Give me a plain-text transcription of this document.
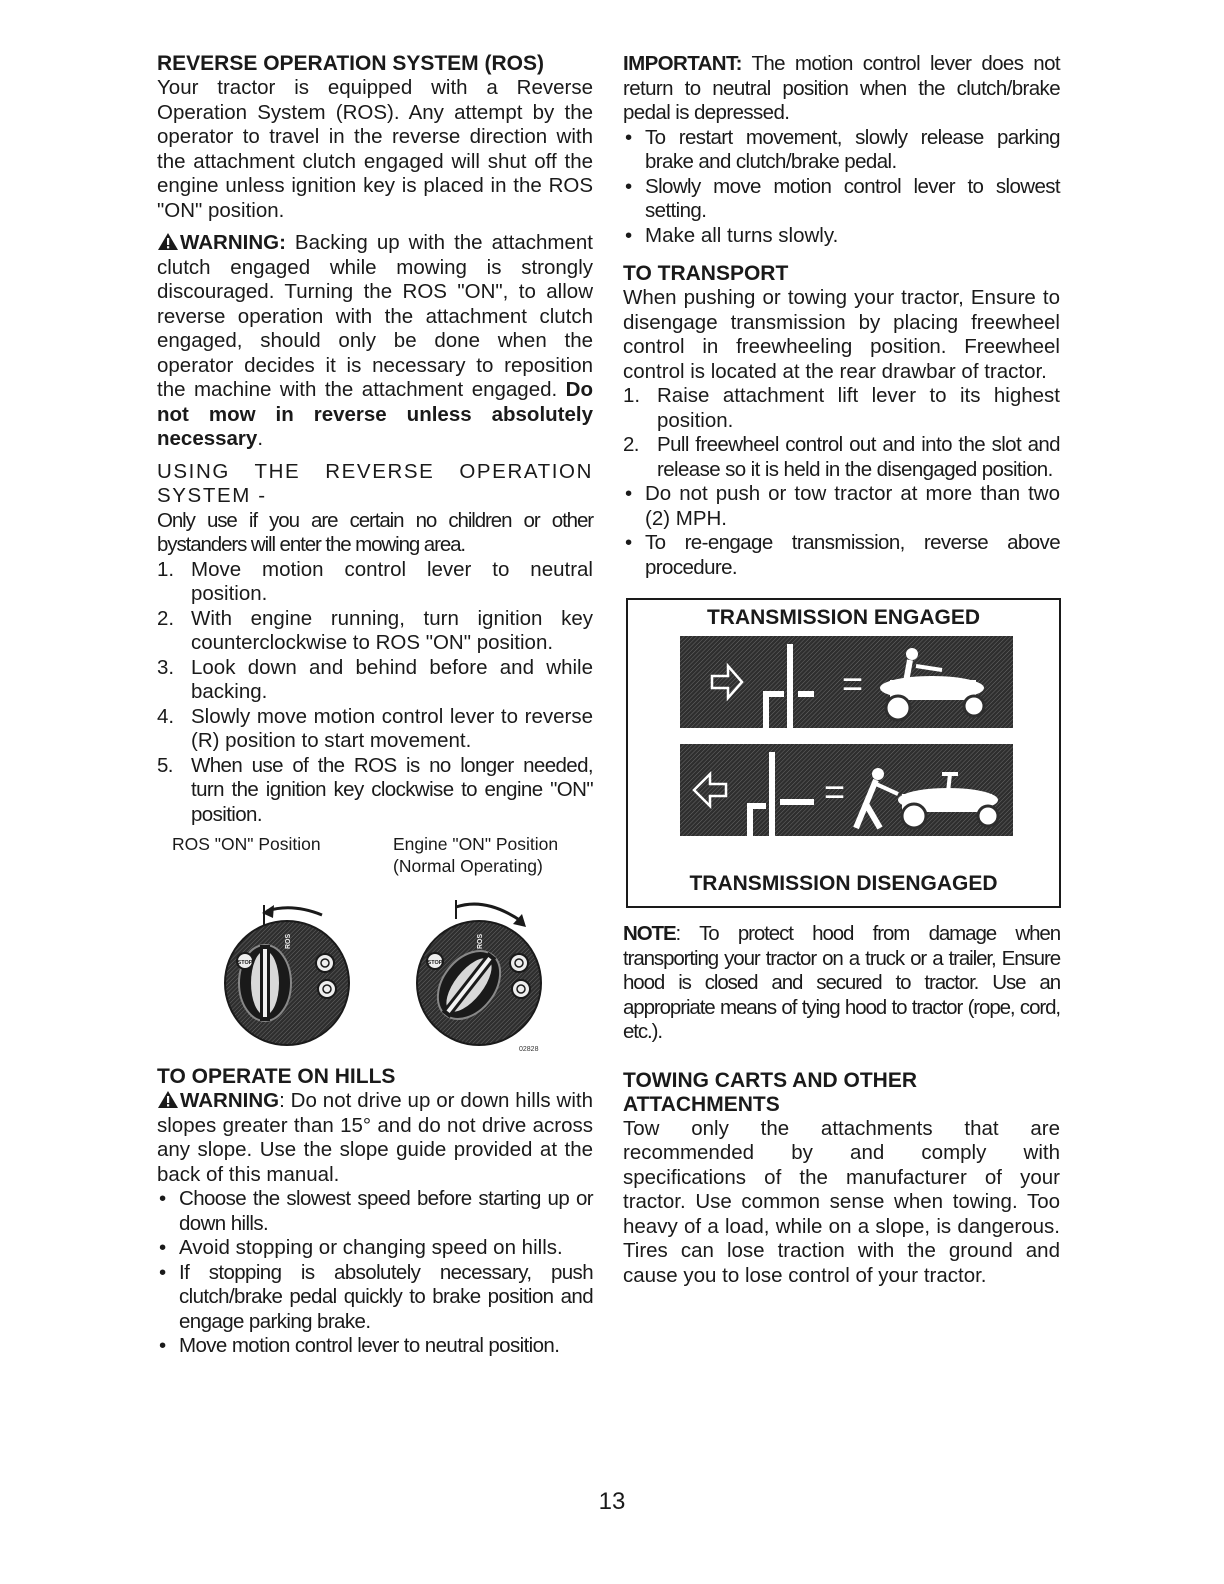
REVERSE OPERATION SYSTEM (ROS)

Your tractor is equipped with a Reverse Operation System (ROS). Any attempt by the operator to travel in the reverse direction with the attachment clutch engaged will shut off the engine unless ignition key is placed in the ROS "ON" position.

WARNING: Backing up with the attachment clutch engaged while mowing is strongly discouraged. Turning the ROS "ON", to allow reverse operation with the attachment clutch engaged, should only be done when the operator decides it is necessary to reposition the machine with the attachment engaged. Do not mow in reverse unless absolutely necessary.

USING THE REVERSE OPERATION SYSTEM -

Only use if you are certain no children or other bystanders will enter the mowing area.

1. Move motion control lever to neutral position.
2. With engine running, turn ignition key counterclockwise to ROS "ON" position.
3. Look down and behind before and while backing.
4. Slowly move motion control lever to reverse (R) position to start movement.
5. When use of the ROS is no longer needed, turn the ignition key clockwise to engine "ON" position.
ROS "ON" Position	Engine "ON" Position
(Normal Operating)
STOP
ROS
STOP
ROS
02828
TO OPERATE ON HILLS

WARNING: Do not drive up or down hills with slopes greater than 15° and do not drive across any slope. Use the slope guide provided at the back of this manual.

• Choose the slowest speed before starting up or down hills.
• Avoid stopping or changing speed on hills.
• If stopping is absolutely necessary, push clutch/brake pedal quickly to brake position and engage parking brake.
• Move motion control lever to neutral position.

IMPORTANT: The motion control lever does not return to neutral position when the clutch/brake pedal is depressed.

• To restart movement, slowly release parking brake and clutch/brake pedal.
• Slowly move motion control lever to slowest setting.
• Make all turns slowly.
TO TRANSPORT

When pushing or towing your tractor, Ensure to disengage transmission by placing freewheel control in freewheeling position. Freewheel control is located at the rear drawbar of tractor.

1. Raise attachment lift lever to its highest position.
2. Pull freewheel control out and into the slot and release so it is held in the disengaged position.
• Do not push or tow tractor at more than two (2) MPH.
• To re-engage transmission, reverse above procedure.
TRANSMISSION ENGAGED
=
=
TRANSMISSION DISENGAGED

NOTE: To protect hood from damage when transporting your tractor on a truck or a trailer, Ensure hood is closed and secured to tractor. Use an appropriate means of tying hood to tractor (rope, cord, etc.).

TOWING CARTS AND OTHER ATTACHMENTS

Tow only the attachments that are recommended by and comply with specifications of the manufacturer of your tractor. Use common sense when towing. Too heavy of a load, while on a slope, is dangerous. Tires can lose traction with the ground and cause you to lose control of your tractor.

13
